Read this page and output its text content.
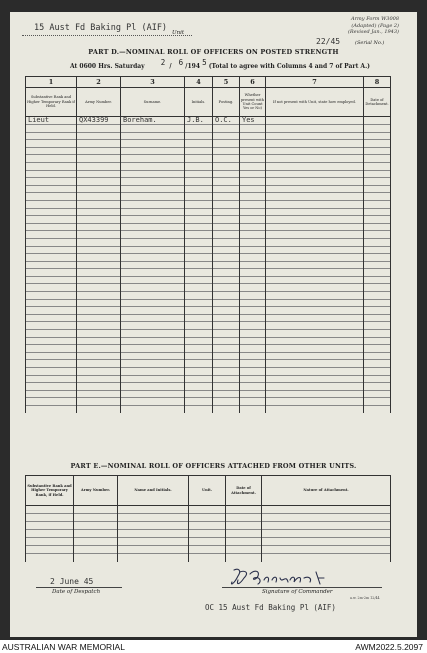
15 Aust Fd Baking Pl (AIF) Unit
Army Form W3008
(Adapted) (Page 2)
(Revised Jan., 1943)
22/45	(Serial No.)
PART D.—NOMINAL ROLL OF OFFICERS ON POSTED STRENGTH
At 0600 Hrs. Saturday 2 / 6 /194 5 (Total to agree with Columns 4 and 7 of Part A.)
1	2	3	4	5	6	7	8
Substantive Rank and Higher Temporary Rank if Held.	Army Number.	Surname.	Initials.	Posting.	Whether present with Unit Count Yes or No)	If not present with Unit, state how employed.	Date of Detachment.
Lieut	QX43399	Boreham.	J.B.	O.C.	Yes		

PART E.—NOMINAL ROLL OF OFFICERS ATTACHED FROM OTHER UNITS.
Substantive Rank and Higher Temporary Rank, if Held.	Army Number.	Name and Initials.	Unit.	Date of Attachment.	Nature of Attachment.

2 June 45
Date of Despatch	Signature of Commander
a.w. 2m-2m 12/44
OC 15 Aust Fd Baking Pl (AIF)
AUSTRALIAN WAR MEMORIAL	AWM2022.5.2097
